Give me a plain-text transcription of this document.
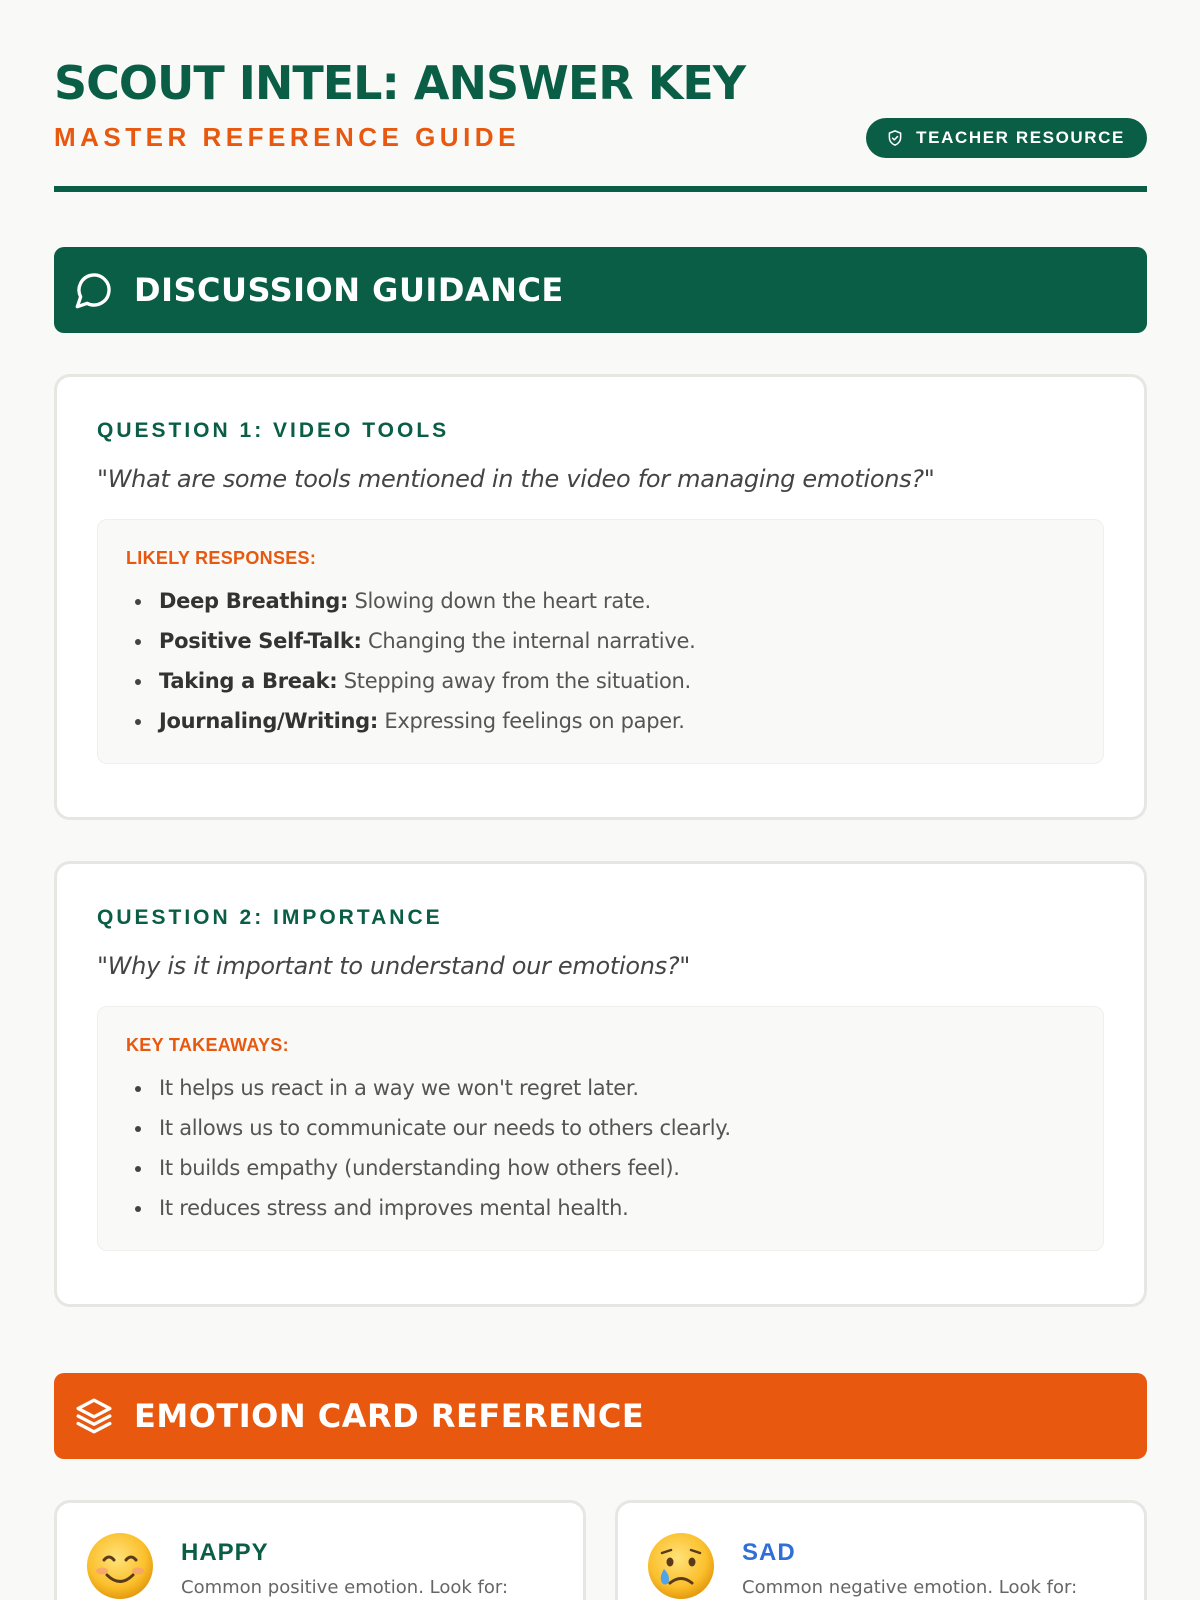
SCOUT INTEL: ANSWER KEY
MASTER REFERENCE GUIDE	TEACHER RESOURCE
DISCUSSION GUIDANCE
QUESTION 1: VIDEO TOOLS
"What are some tools mentioned in the video for managing emotions?"
LIKELY RESPONSES:
Deep Breathing: Slowing down the heart rate.
Positive Self-Talk: Changing the internal narrative.
Taking a Break: Stepping away from the situation.
Journaling/Writing: Expressing feelings on paper.
QUESTION 2: IMPORTANCE
"Why is it important to understand our emotions?"
KEY TAKEAWAYS:
It helps us react in a way we won't regret later.
It allows us to communicate our needs to others clearly.
It builds empathy (understanding how others feel).
It reduces stress and improves mental health.
EMOTION CARD REFERENCE
HAPPY
Common positive emotion. Look for:
SAD
Common negative emotion. Look for:
